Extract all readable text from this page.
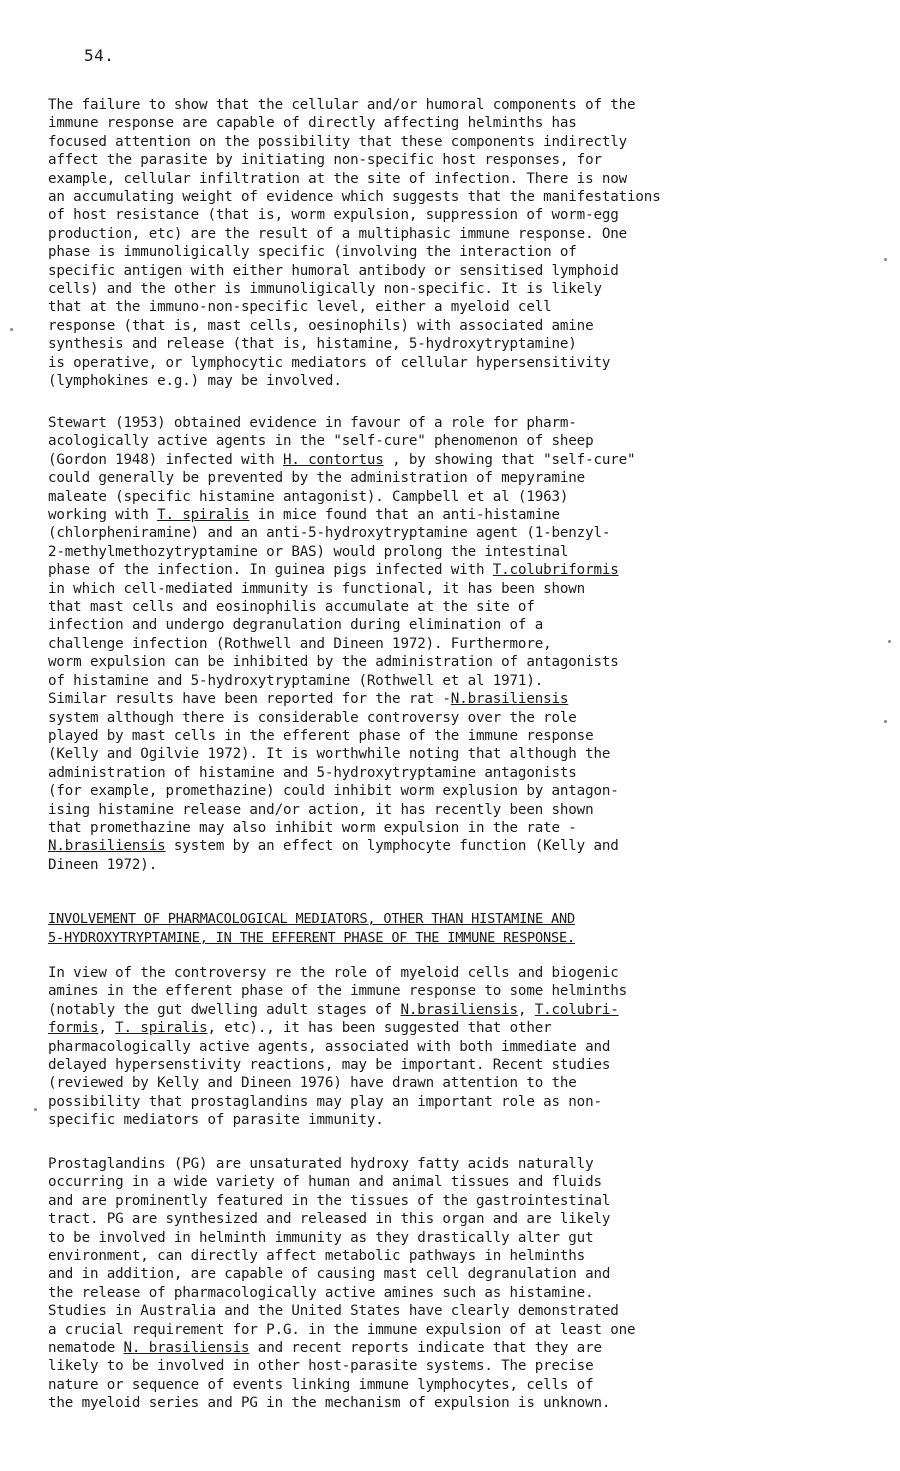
54.
The failure to show that the cellular and/or humoral components of the
immune response are capable of directly affecting helminths has
focused attention on the possibility that these components indirectly
affect the parasite by initiating non-specific host responses, for
example, cellular infiltration at the site of infection. There is now
an accumulating weight of evidence which suggests that the manifestations
of host resistance (that is, worm expulsion, suppression of worm-egg
production, etc) are the result of a multiphasic immune response. One
phase is immunoligically specific (involving the interaction of
specific antigen with either humoral antibody or sensitised lymphoid
cells) and the other is immunoligically non-specific. It is likely
that at the immuno-non-specific level, either a myeloid cell
response (that is, mast cells, oesinophils) with associated amine
synthesis and release (that is, histamine, 5-hydroxytryptamine)
is operative, or lymphocytic mediators of cellular hypersensitivity
(lymphokines e.g.) may be involved.
Stewart (1953) obtained evidence in favour of a role for pharm-
acologically active agents in the "self-cure" phenomenon of sheep
(Gordon 1948) infected with H. contortus , by showing that "self-cure"
could generally be prevented by the administration of mepyramine
maleate (specific histamine antagonist). Campbell et al (1963)
working with T. spiralis in mice found that an anti-histamine
(chlorpheniramine) and an anti-5-hydroxytryptamine agent (1-benzyl-
2-methylmethozytryptamine or BAS) would prolong the intestinal
phase of the infection. In guinea pigs infected with T.colubriformis
in which cell-mediated immunity is functional, it has been shown
that mast cells and eosinophilis accumulate at the site of
infection and undergo degranulation during elimination of a
challenge infection (Rothwell and Dineen 1972). Furthermore,
worm expulsion can be inhibited by the administration of antagonists
of histamine and 5-hydroxytryptamine (Rothwell et al 1971).
Similar results have been reported for the rat -N.brasiliensis
system although there is considerable controversy over the role
played by mast cells in the efferent phase of the immune response
(Kelly and Ogilvie 1972). It is worthwhile noting that although the
administration of histamine and 5-hydroxytryptamine antagonists
(for example, promethazine) could inhibit worm explusion by antagon-
ising histamine release and/or action, it has recently been shown
that promethazine may also inhibit worm expulsion in the rate -
N.brasiliensis system by an effect on lymphocyte function (Kelly and
Dineen 1972).
INVOLVEMENT OF PHARMACOLOGICAL MEDIATORS, OTHER THAN HISTAMINE AND
5-HYDROXYTRYPTAMINE, IN THE EFFERENT PHASE OF THE IMMUNE RESPONSE.
In view of the controversy re the role of myeloid cells and biogenic
amines in the efferent phase of the immune response to some helminths
(notably the gut dwelling adult stages of N.brasiliensis, T.colubri-
formis, T. spiralis, etc)., it has been suggested that other
pharmacologically active agents, associated with both immediate and
delayed hypersenstivity reactions, may be important. Recent studies
(reviewed by Kelly and Dineen 1976) have drawn attention to the
possibility that prostaglandins may play an important role as non-
specific mediators of parasite immunity.
Prostaglandins (PG) are unsaturated hydroxy fatty acids naturally
occurring in a wide variety of human and animal tissues and fluids
and are prominently featured in the tissues of the gastrointestinal
tract. PG are synthesized and released in this organ and are likely
to be involved in helminth immunity as they drastically alter gut
environment, can directly affect metabolic pathways in helminths
and in addition, are capable of causing mast cell degranulation and
the release of pharmacologically active amines such as histamine.
Studies in Australia and the United States have clearly demonstrated
a crucial requirement for P.G. in the immune expulsion of at least one
nematode N. brasiliensis and recent reports indicate that they are
likely to be involved in other host-parasite systems. The precise
nature or sequence of events linking immune lymphocytes, cells of
the myeloid series and PG in the mechanism of expulsion is unknown.
